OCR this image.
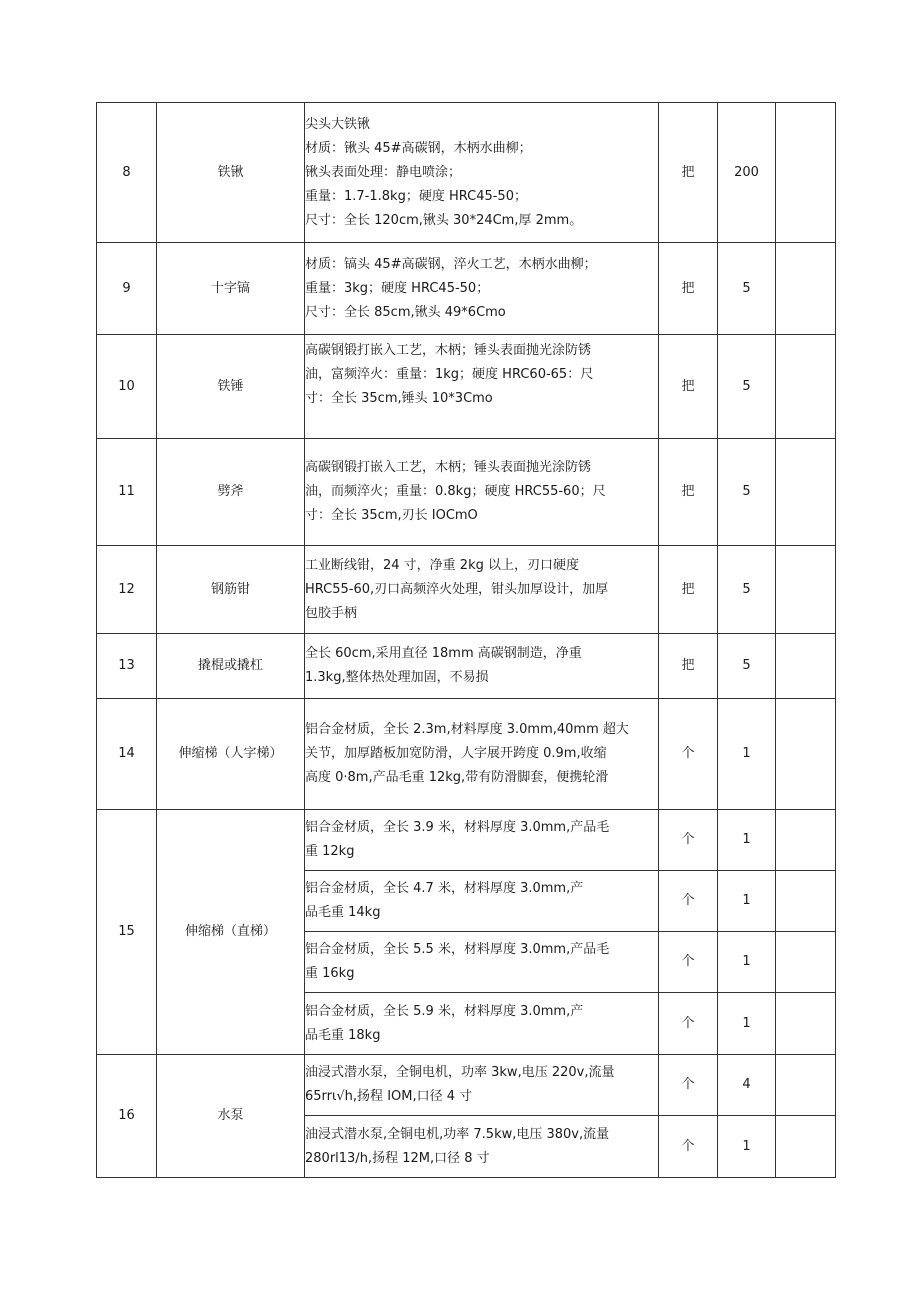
8	铁锹	尖头大铁锹
材质：锹头 45#高碳钢，木柄水曲柳；
锹头表面处理：静电喷涂；
重量：1.7-1.8kg；硬度 HRC45-50；
尺寸：全长 120cm,锹头 30*24Cm,厚 2mm。	把	200	
9	十字镐	材质：镐头 45#高碳钢，淬火工艺，木柄水曲柳；
重量：3kg；硬度 HRC45-50；
尺寸：全长 85cm,锹头 49*6Cmo	把	5	
10	铁锤	高碳钢锻打嵌入工艺，木柄；锤头表面抛光涂防锈
油，富频淬火：重量：1kg；硬度 HRC60-65：尺
寸：全长 35cm,锤头 10*3Cmo	把	5	
11	劈斧	高碳钢锻打嵌入工艺，木柄；锤头表面抛光涂防锈
油，而频淬火；重量：0.8kg；硬度 HRC55-60；尺
寸：全长 35cm,刃长 IOCmO	把	5	
12	钢筋钳	工业断线钳，24 寸，净重 2kg 以上，刃口硬度
HRC55-60,刃口高频淬火处理，钳头加厚设计，加厚
包胶手柄	把	5	
13	撬棍或撬杠	全长 60cm,采用直径 18mm 高碳钢制造，净重
1.3kg,整体热处理加固，不易损	把	5	
14	伸缩梯（人字梯）	铝合金材质，全长 2.3m,材料厚度 3.0mm,40mm 超大
关节，加厚踏板加宽防滑，人字展开跨度 0.9m,收缩
高度 0·8m,产品毛重 12kg,带有防滑脚套，便携轮滑	个	1	
15	伸缩梯（直梯）	铝合金材质，全长 3.9 米，材料厚度 3.0mm,产品毛
重 12kg	个	1	

		铝合金材质，全长 4.7 米，材料厚度 3.0mm,产
品毛重 14kg	个	1	

		铝合金材质，全长 5.5 米，材料厚度 3.0mm,产品毛
重 16kg	个	1	

		铝合金材质，全长 5.9 米，材料厚度 3.0mm,产
品毛重 18kg	个	1	
16	水泵	油浸式潜水泵，全铜电机，功率 3kw,电压 220v,流量
65rrι√h,扬程 IOM,口径 4 寸	个	4	

		油浸式潜水泵,全铜电机,功率 7.5kw,电压 380v,流量
280rl13∕h,扬程 12M,口径 8 寸	个	1	
